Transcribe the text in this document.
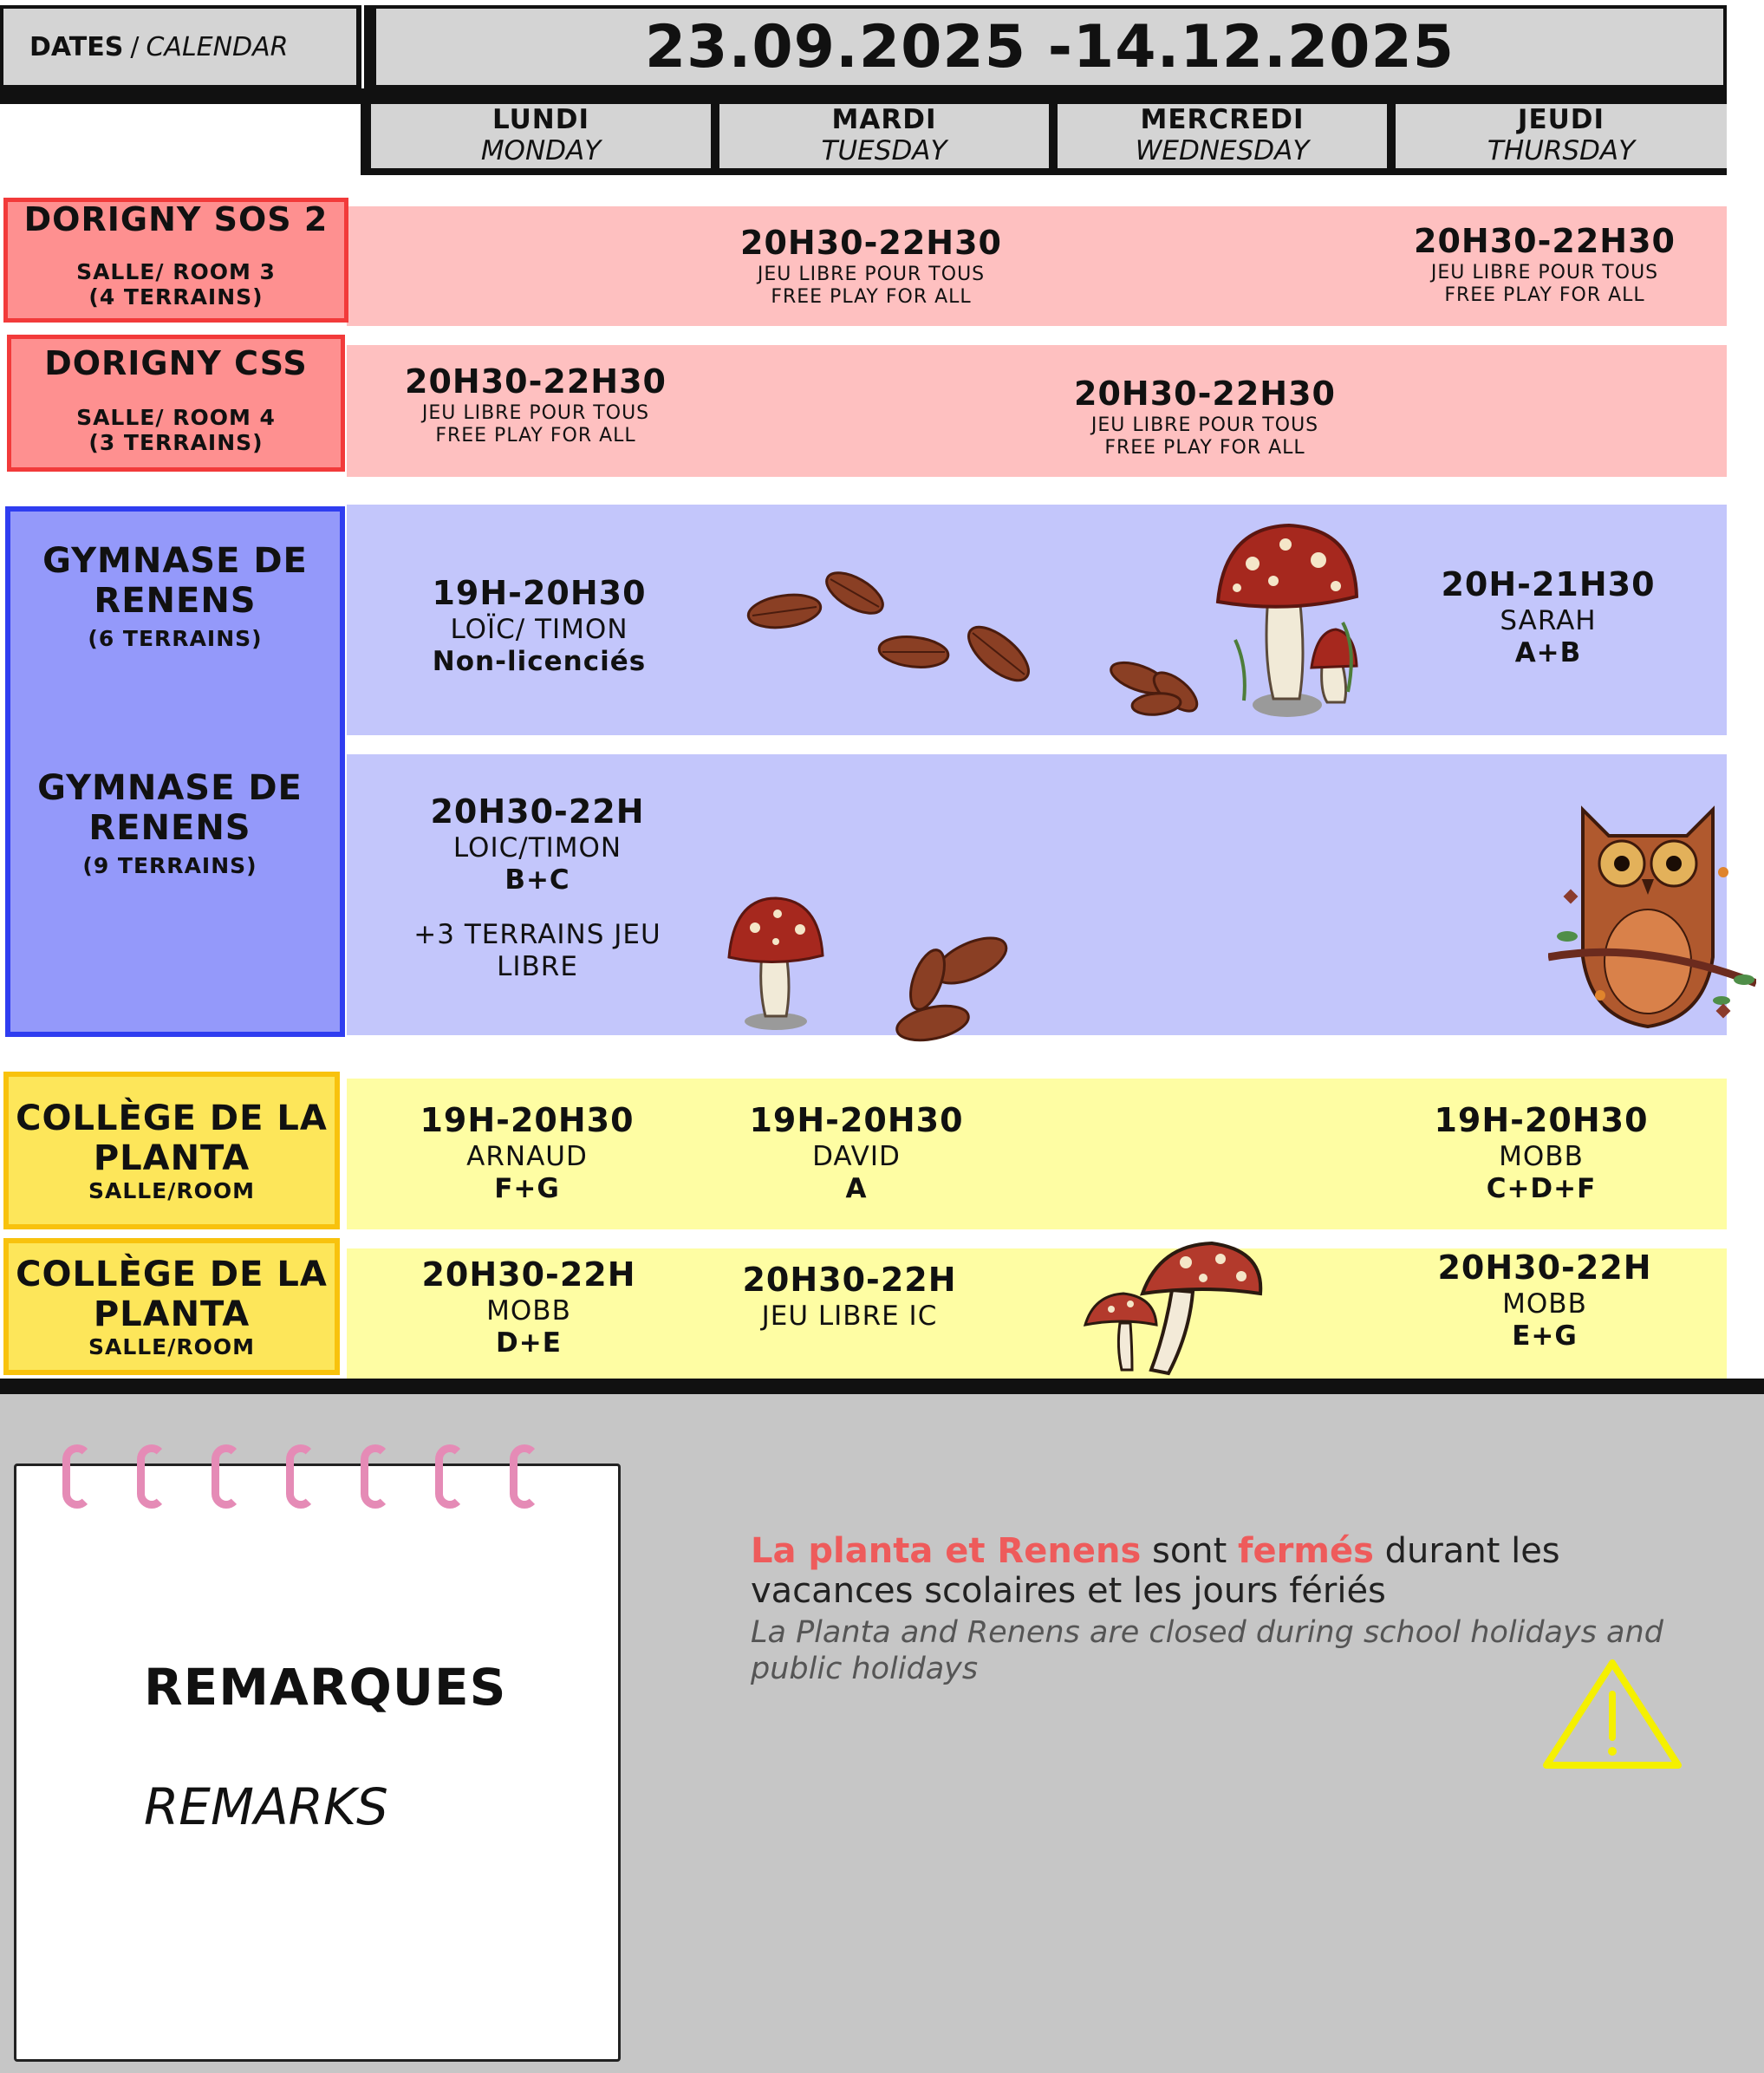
DATES / CALENDAR	23.09.2025 -14.12.2025
LUNDI
MONDAY
MARDI
TUESDAY
MERCREDI
WEDNESDAY
JEUDI
THURSDAY
DORIGNY SOS 2
SALLE/ ROOM 3
(4 TERRAINS)
20H30-22H30
JEU LIBRE POUR TOUS
FREE PLAY FOR ALL
20H30-22H30
JEU LIBRE POUR TOUS
FREE PLAY FOR ALL
DORIGNY CSS
SALLE/ ROOM 4
(3 TERRAINS)
20H30-22H30
JEU LIBRE POUR TOUS
FREE PLAY FOR ALL
20H30-22H30
JEU LIBRE POUR TOUS
FREE PLAY FOR ALL
GYMNASE DE
RENENS
(6 TERRAINS)
GYMNASE DE
RENENS
(9 TERRAINS)
19H-20H30
LOÏC/ TIMON
Non-licenciés
20H-21H30
SARAH
A+B
20H30-22H
LOIC/TIMON
B+C
+3 TERRAINS JEU
LIBRE
COLLÈGE DE LA
PLANTA
SALLE/ROOM
19H-20H30
ARNAUD
F+G
19H-20H30
DAVID
A
19H-20H30
MOBB
C+D+F
COLLÈGE DE LA
PLANTA
SALLE/ROOM
20H30-22H
MOBB
D+E
20H30-22H
JEU LIBRE IC
20H30-22H
MOBB
E+G
REMARQUES
REMARKS
La planta et Renens sont fermés durant les vacances scolaires et les jours fériés
La Planta and Renens are closed during school holidays and public holidays
